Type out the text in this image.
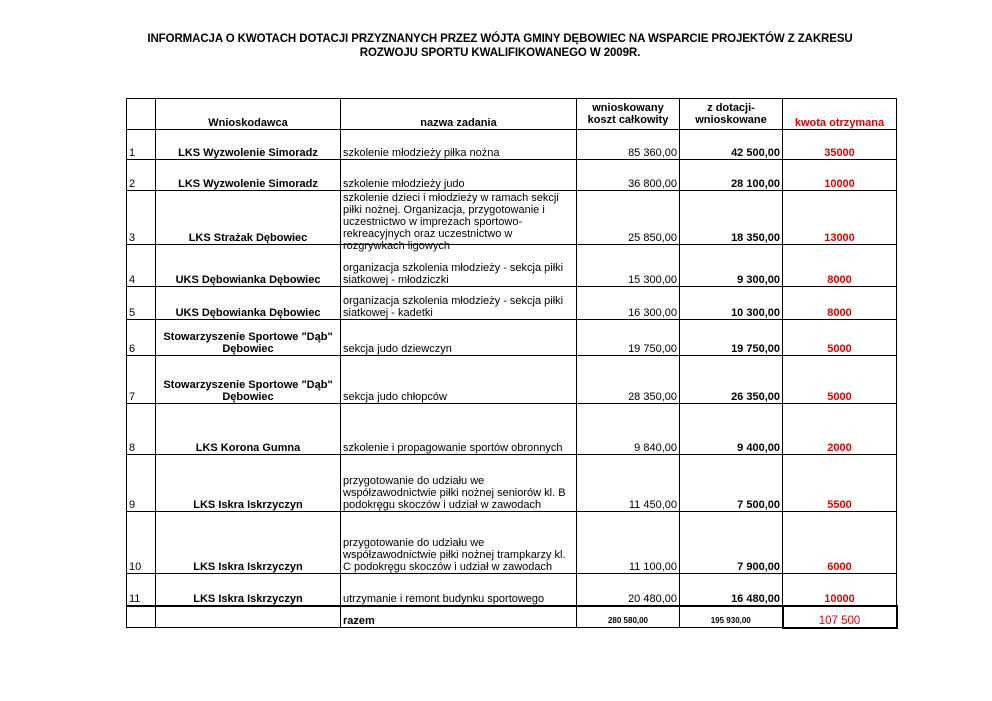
INFORMACJA O KWOTACH DOTACJI PRZYZNANYCH PRZEZ WÓJTA GMINY DĘBOWIEC NA WSPARCIE PROJEKTÓW Z ZAKRESU
ROZWOJU SPORTU KWALIFIKOWANEGO W 2009R.
	Wnioskodawca	nazwa zadania	wnioskowany koszt całkowity	z dotacji- wnioskowane	kwota otrzymana
1	LKS Wyzwolenie Simoradz	szkolenie młodzieży piłka nożna	85 360,00	42 500,00	35000
2	LKS Wyzwolenie Simoradz	szkolenie młodzieży judo	36 800,00	28 100,00	10000
3	LKS Strażak Dębowiec	szkolenie dzieci i młodzieży w ramach sekcji piłki nożnej. Organizacja, przygotowanie i uczestnictwo w imprezach sportowo-rekreacyjnych oraz uczestnictwo w rozgrywkach ligowych	25 850,00	18 350,00	13000
4	UKS Dębowianka Dębowiec	organizacja szkolenia młodzieży - sekcja piłki siatkowej - młodziczki	15 300,00	9 300,00	8000
5	UKS Dębowianka Dębowiec	organizacja szkolenia młodzieży - sekcja piłki siatkowej - kadetki	16 300,00	10 300,00	8000
6	Stowarzyszenie Sportowe "Dąb" Dębowiec	sekcja judo dziewczyn	19 750,00	19 750,00	5000
7	Stowarzyszenie Sportowe "Dąb" Dębowiec	sekcja judo chłopców	28 350,00	26 350,00	5000
8	LKS Korona Gumna	szkolenie i propagowanie sportów obronnych	9 840,00	9 400,00	2000
9	LKS Iskra Iskrzyczyn	przygotowanie do udziału we współzawodnictwie piłki nożnej seniorów kl. B podokręgu skoczów i udział w zawodach	11 450,00	7 500,00	5500
10	LKS Iskra Iskrzyczyn	przygotowanie do udziału we współzawodnictwie piłki nożnej trampkarzy kl. C podokręgu skoczów i udział w zawodach	11 100,00	7 900,00	6000
11	LKS Iskra Iskrzyczyn	utrzymanie i remont budynku sportowego	20 480,00	16 480,00	10000
		razem	280 580,00	195 930,00	107 500
